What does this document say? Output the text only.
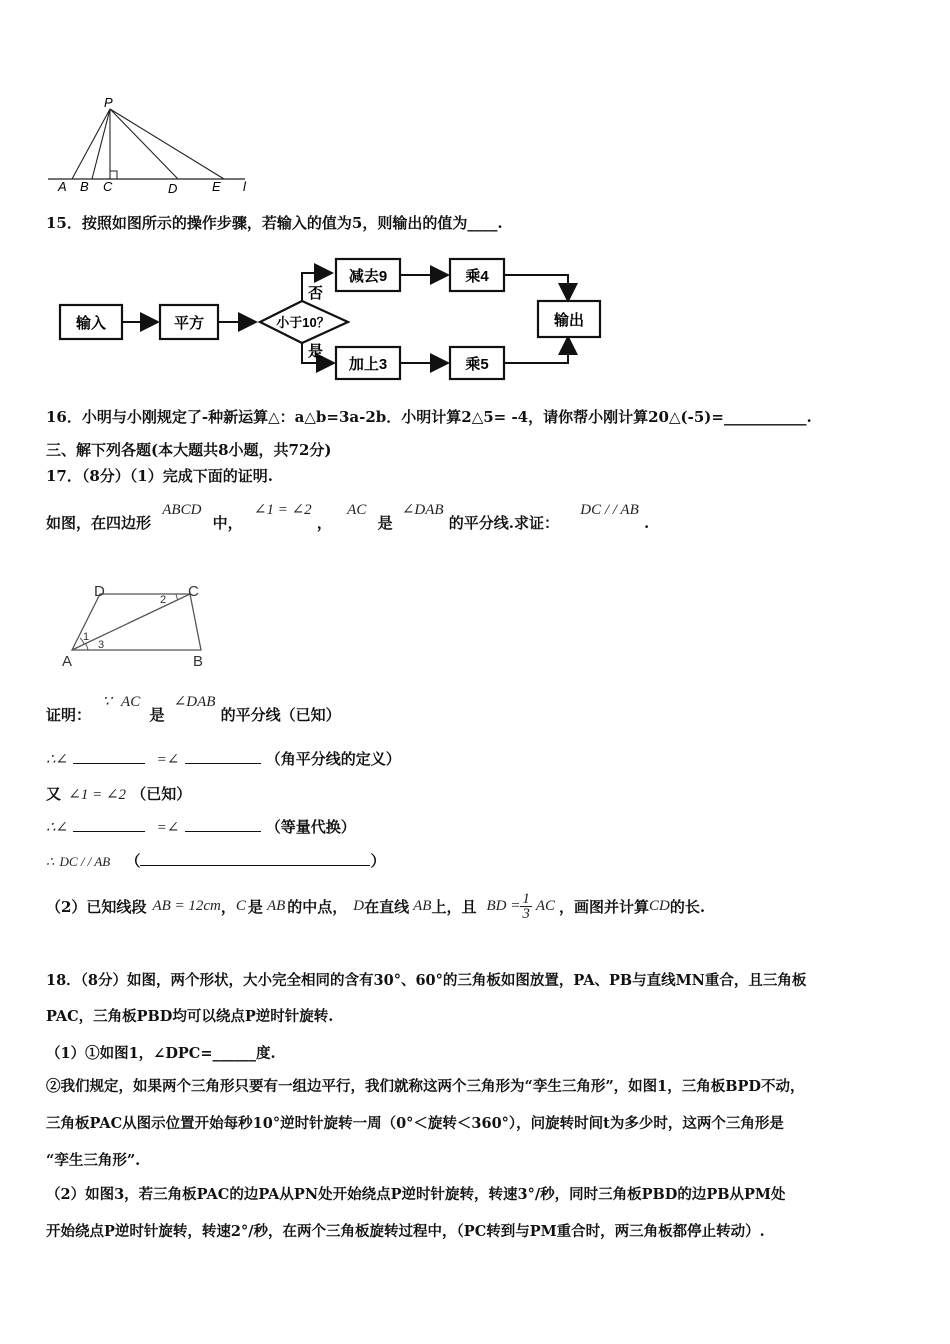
P
A B C	D	E l
15．按照如图所示的操作步骤，若输入的值为5，则输出的值为____.
输入	平方	小于10？
否
是
减去9	乘4
加上3	乘5
输出
16．小明与小刚规定了-种新运算△：a△b=3a-2b．小明计算2△5= -4，请你帮小刚计算20△(-5)=___________.
三、解下列各题(本大题共8小题，共72分)
17．（8分）（1）完成下面的证明.
如图，在四边形 ABCD 中， ∠1 = ∠2 ， AC 是 ∠DAB 的平分线.求证： DC / / AB .
A	B
C
D
1
2
3
证明： ∵ AC 是 ∠DAB 的平分线（已知）
∴∠	=∠	（角平分线的定义）
又 ∠1 = ∠2 （已知）
∴∠	=∠	（等量代换）
∴ DC / / AB （	）
（2）已知线段 AB = 12cm ， C 是 AB 的中点， D 在直线 AB 上，且 BD = $\frac{1}{3}$ AC ，画图并计算 CD 的长.
18．（8分）如图，两个形状，大小完全相同的含有30°、60°的三角板如图放置，PA、PB与直线MN重合，且三角板
PAC，三角板PBD均可以绕点P逆时针旋转.
（1）①如图1，∠DPC=______度.
②我们规定，如果两个三角形只要有一组边平行，我们就称这两个三角形为“孪生三角形”，如图1，三角板BPD不动，
三角板PAC从图示位置开始每秒10°逆时针旋转一周（0°＜旋转＜360°），问旋转时间t为多少时，这两个三角形是
“孪生三角形”.
（2）如图3，若三角板PAC的边PA从PN处开始绕点P逆时针旋转，转速3°/秒，同时三角板PBD的边PB从PM处
开始绕点P逆时针旋转，转速2°/秒，在两个三角板旋转过程中，（PC转到与PM重合时，两三角板都停止转动）.
